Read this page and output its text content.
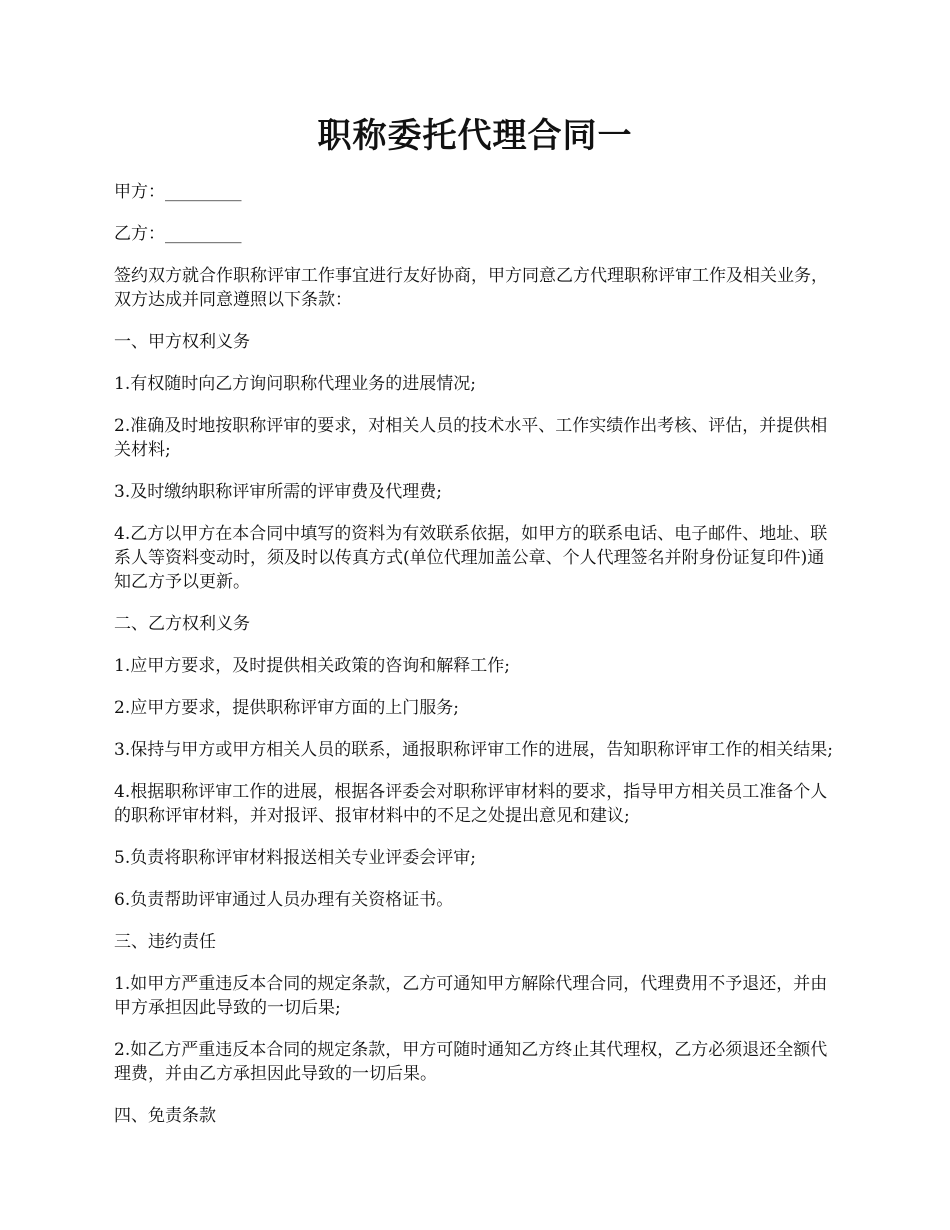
职称委托代理合同一

甲方：_________

乙方：_________

签约双方就合作职称评审工作事宜进行友好协商，甲方同意乙方代理职称评审工作及相关业务，双方达成并同意遵照以下条款：

一、甲方权利义务

1.有权随时向乙方询问职称代理业务的进展情况;

2.准确及时地按职称评审的要求，对相关人员的技术水平、工作实绩作出考核、评估，并提供相关材料;

3.及时缴纳职称评审所需的评审费及代理费;

4.乙方以甲方在本合同中填写的资料为有效联系依据，如甲方的联系电话、电子邮件、地址、联系人等资料变动时，须及时以传真方式(单位代理加盖公章、个人代理签名并附身份证复印件)通知乙方予以更新。

二、乙方权利义务

1.应甲方要求，及时提供相关政策的咨询和解释工作;

2.应甲方要求，提供职称评审方面的上门服务;

3.保持与甲方或甲方相关人员的联系，通报职称评审工作的进展，告知职称评审工作的相关结果;

4.根据职称评审工作的进展，根据各评委会对职称评审材料的要求，指导甲方相关员工准备个人的职称评审材料，并对报评、报审材料中的不足之处提出意见和建议;

5.负责将职称评审材料报送相关专业评委会评审;

6.负责帮助评审通过人员办理有关资格证书。

三、违约责任

1.如甲方严重违反本合同的规定条款，乙方可通知甲方解除代理合同，代理费用不予退还，并由甲方承担因此导致的一切后果;

2.如乙方严重违反本合同的规定条款，甲方可随时通知乙方终止其代理权，乙方必须退还全额代理费，并由乙方承担因此导致的一切后果。

四、免责条款
